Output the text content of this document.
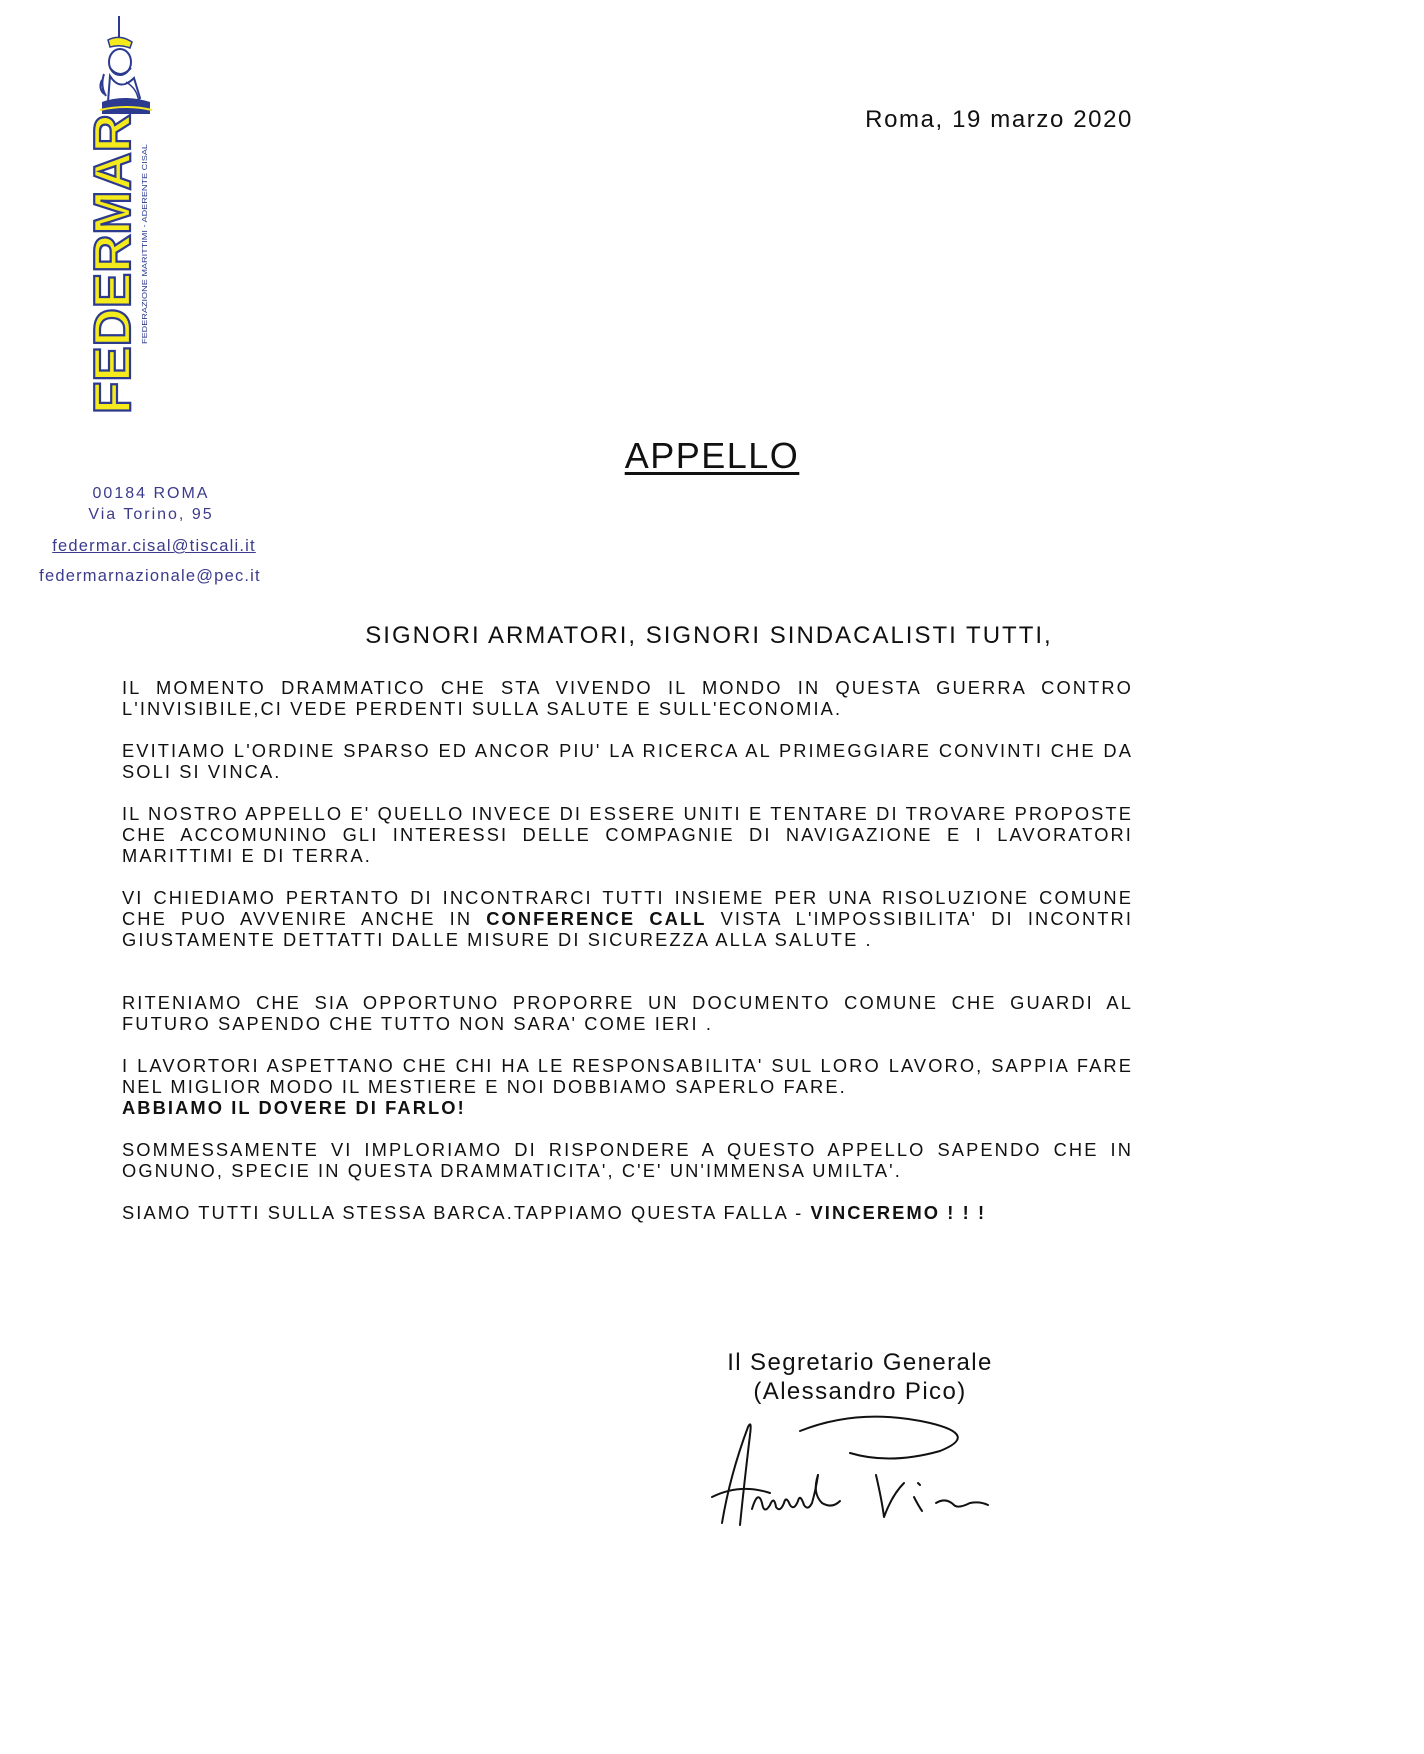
FEDERMAR
FEDERAZIONE MARITTIMI - ADERENTE CISAL
00184 ROMA
Via Torino, 95
federmar.cisal@tiscali.it
federmarnazionale@pec.it
Roma, 19 marzo 2020
APPELLO
SIGNORI ARMATORI, SIGNORI SINDACALISTI TUTTI,

IL MOMENTO DRAMMATICO CHE STA VIVENDO IL MONDO IN QUESTA GUERRA CONTRO L'INVISIBILE,CI VEDE PERDENTI SULLA SALUTE E SULL'ECONOMIA.

EVITIAMO L'ORDINE SPARSO ED ANCOR PIU' LA RICERCA AL PRIMEGGIARE CONVINTI CHE DA SOLI SI VINCA.

IL NOSTRO APPELLO E' QUELLO INVECE DI ESSERE UNITI E TENTARE DI TROVARE PROPOSTE CHE ACCOMUNINO GLI INTERESSI DELLE COMPAGNIE DI NAVIGAZIONE E I LAVORATORI MARITTIMI E DI TERRA.

VI CHIEDIAMO PERTANTO DI INCONTRARCI TUTTI INSIEME PER UNA RISOLUZIONE COMUNE CHE PUO AVVENIRE ANCHE IN CONFERENCE CALL VISTA L'IMPOSSIBILITA' DI INCONTRI GIUSTAMENTE DETTATTI DALLE MISURE DI SICUREZZA ALLA SALUTE .

RITENIAMO CHE SIA OPPORTUNO PROPORRE UN DOCUMENTO COMUNE CHE GUARDI AL FUTURO SAPENDO CHE TUTTO NON SARA' COME IERI .

I LAVORTORI ASPETTANO CHE CHI HA LE RESPONSABILITA' SUL LORO LAVORO, SAPPIA FARE NEL MIGLIOR MODO IL MESTIERE E NOI DOBBIAMO SAPERLO FARE.

ABBIAMO IL DOVERE DI FARLO!

SOMMESSAMENTE VI IMPLORIAMO DI RISPONDERE A QUESTO APPELLO SAPENDO CHE IN OGNUNO, SPECIE IN QUESTA DRAMMATICITA', C'E' UN'IMMENSA UMILTA'.

SIAMO TUTTI SULLA STESSA BARCA.TAPPIAMO QUESTA FALLA - VINCEREMO ! ! !

Il Segretario Generale
(Alessandro Pico)
